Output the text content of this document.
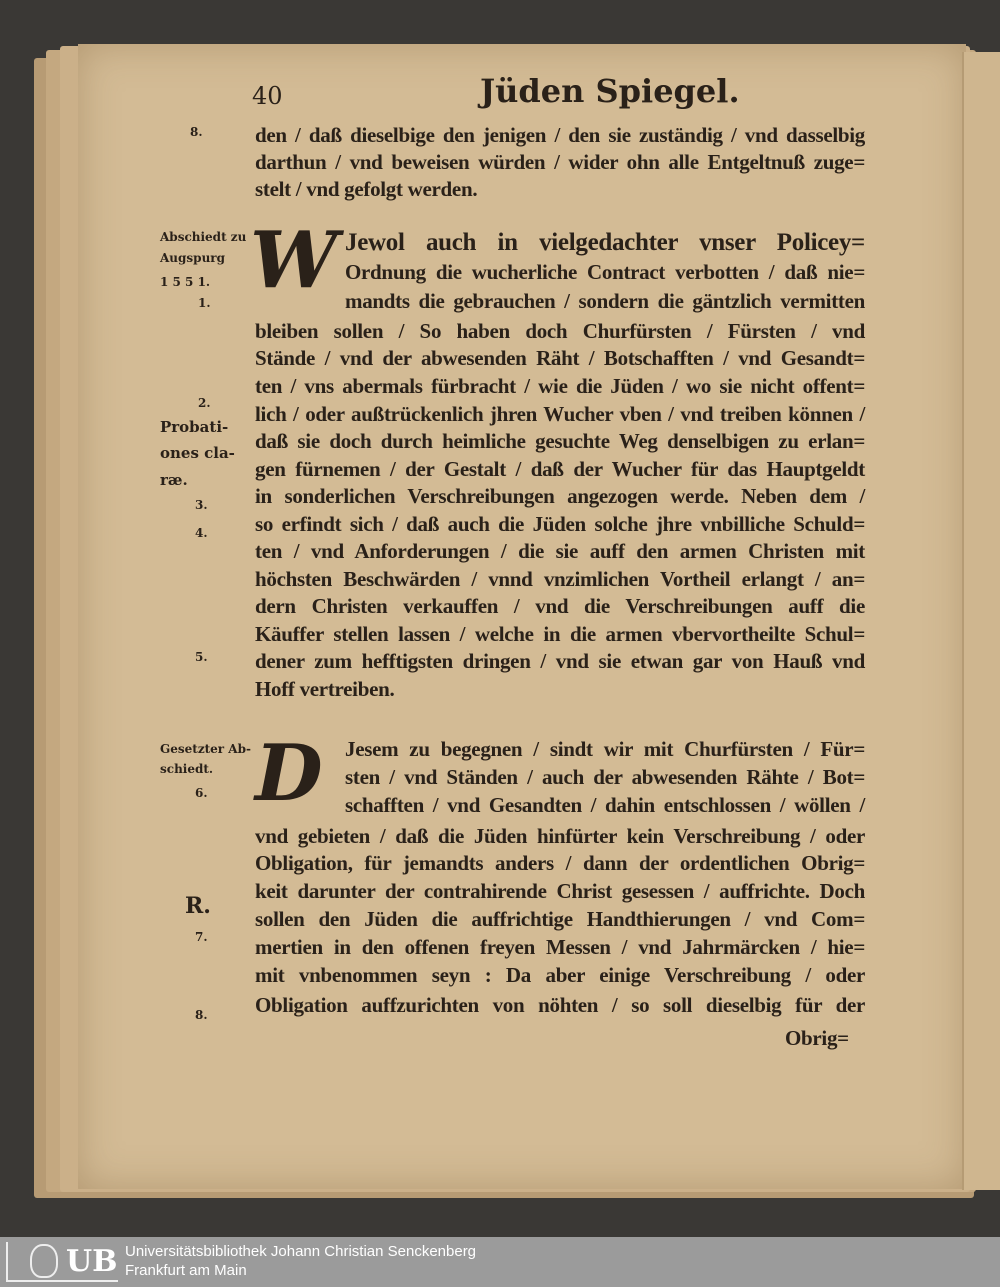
40	Jüden Spiegel.
W
D
den / daß dieselbige den jenigen / den sie zuständig / vnd dasselbig
darthun / vnd beweisen würden / wider ohn alle Entgeltnuß zuge=
stelt / vnd gefolgt werden.
Jewol auch in vielgedachter vnser Policey=
Ordnung die wucherliche Contract verbotten / daß nie=
mandts die gebrauchen / sondern die gäntzlich vermitten
bleiben sollen / So haben doch Churfürsten / Fürsten / vnd
Stände / vnd der abwesenden Räht / Botschafften / vnd Gesandt=
ten / vns abermals fürbracht / wie die Jüden / wo sie nicht offent=
lich / oder außtrückenlich jhren Wucher vben / vnd treiben können /
daß sie doch durch heimliche gesuchte Weg denselbigen zu erlan=
gen fürnemen / der Gestalt / daß der Wucher für das Hauptgeldt
in sonderlichen Verschreibungen angezogen werde. Neben dem /
so erfindt sich / daß auch die Jüden solche jhre vnbilliche Schuld=
ten / vnd Anforderungen / die sie auff den armen Christen mit
höchsten Beschwärden / vnnd vnzimlichen Vortheil erlangt / an=
dern Christen verkauffen / vnd die Verschreibungen auff die
Käuffer stellen lassen / welche in die armen vbervortheilte Schul=
dener zum hefftigsten dringen / vnd sie etwan gar von Hauß vnd
Hoff vertreiben.
Jesem zu begegnen / sindt wir mit Churfürsten / Für=
sten / vnd Ständen / auch der abwesenden Rähte / Bot=
schafften / vnd Gesandten / dahin entschlossen / wöllen /
vnd gebieten / daß die Jüden hinfürter kein Verschreibung / oder
Obligation, für jemandts anders / dann der ordentlichen Obrig=
keit darunter der contrahirende Christ gesessen / auffrichte. Doch
sollen den Jüden die auffrichtige Handthierungen / vnd Com=
mertien in den offenen freyen Messen / vnd Jahrmärcken / hie=
mit vnbenommen seyn : Da aber einige Verschreibung / oder
Obligation auffzurichten von nöhten / so soll dieselbig für der
Obrig=
8.
Abschiedt zu
Augspurg
1 5 5 1.
1.
2.
Probati-
ones cla-
ræ.
3.
4.
5.
Gesetzter Ab-
schiedt.
6.
R.
7.
8.
UB Universitätsbibliothek Johann Christian Senckenberg
Frankfurt am Main
